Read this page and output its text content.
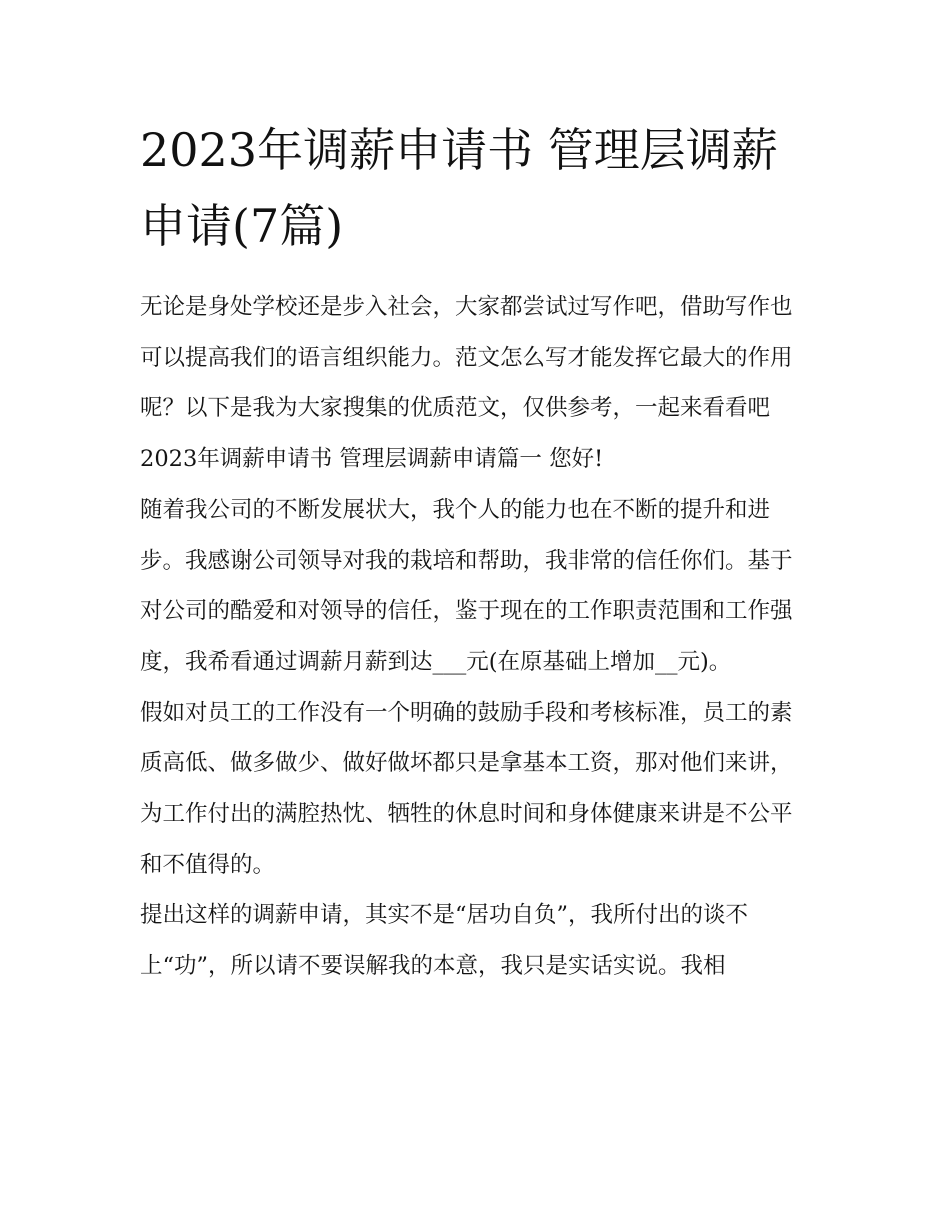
2023年调薪申请书 管理层调薪申请(7篇)

无论是身处学校还是步入社会，大家都尝试过写作吧，借助写作也可以提高我们的语言组织能力。范文怎么写才能发挥它最大的作用呢？以下是我为大家搜集的优质范文，仅供参考，一起来看看吧

2023年调薪申请书 管理层调薪申请篇一 您好!

随着我公司的不断发展状大，我个人的能力也在不断的提升和进步。我感谢公司领导对我的栽培和帮助，我非常的信任你们。基于对公司的酷爱和对领导的信任，鉴于现在的工作职责范围和工作强度，我希看通过调薪月薪到达___元(在原基础上增加__元)。

假如对员工的工作没有一个明确的鼓励手段和考核标准，员工的素质高低、做多做少、做好做坏都只是拿基本工资，那对他们来讲，为工作付出的满腔热忱、牺牲的休息时间和身体健康来讲是不公平和不值得的。

提出这样的调薪申请，其实不是“居功自负”，我所付出的谈不上“功”，所以请不要误解我的本意，我只是实话实说。我相
